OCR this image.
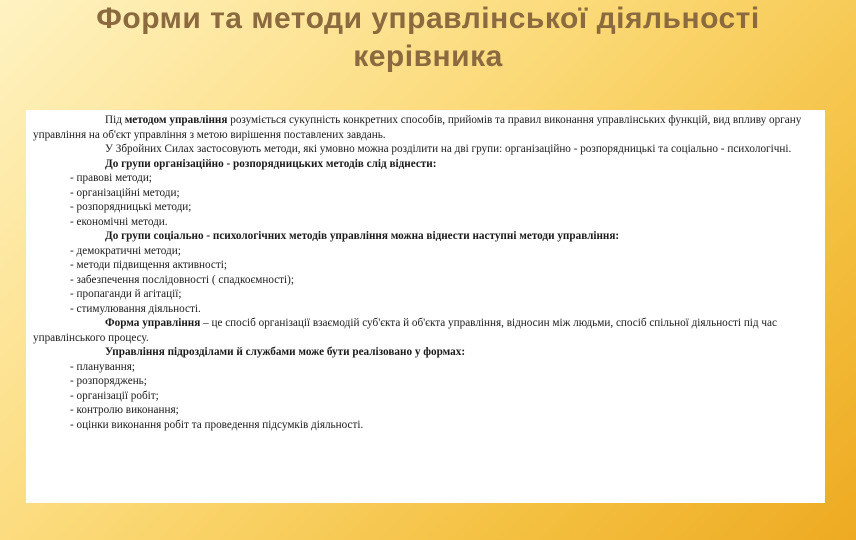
Форми та методи управлінської діяльності
керівника

Під методом управління розуміється сукупність конкретних способів, прийомів та правил виконання управлінських функцій, вид впливу органу управління на об'єкт управління з метою вирішення поставлених завдань.

У Збройних Силах застосовують методи, які умовно можна розділити на дві групи: організаційно - розпорядницькі та соціально - психологічні.

До групи організаційно - розпорядницьких методів слід віднести:

- правові методи;

- організаційні методи;

- розпорядницькі методи;

- економічні методи.

До групи соціально - психологічних методів управління можна віднести наступні методи управління:

- демократичні методи;

- методи підвищення активності;

- забезпечення послідовності ( спадкоємності);

- пропаганди й агітації;

- стимулювання діяльності.

Форма управління – це спосіб організації взаємодій суб'єкта й об'єкта управління, відносин між людьми, спосіб спільної діяльності під час управлінського процесу.

Управління підрозділами й службами може бути реалізовано у формах:

- планування;

- розпоряджень;

- організації робіт;

- контролю виконання;

- оцінки виконання робіт та проведення підсумків діяльності.
